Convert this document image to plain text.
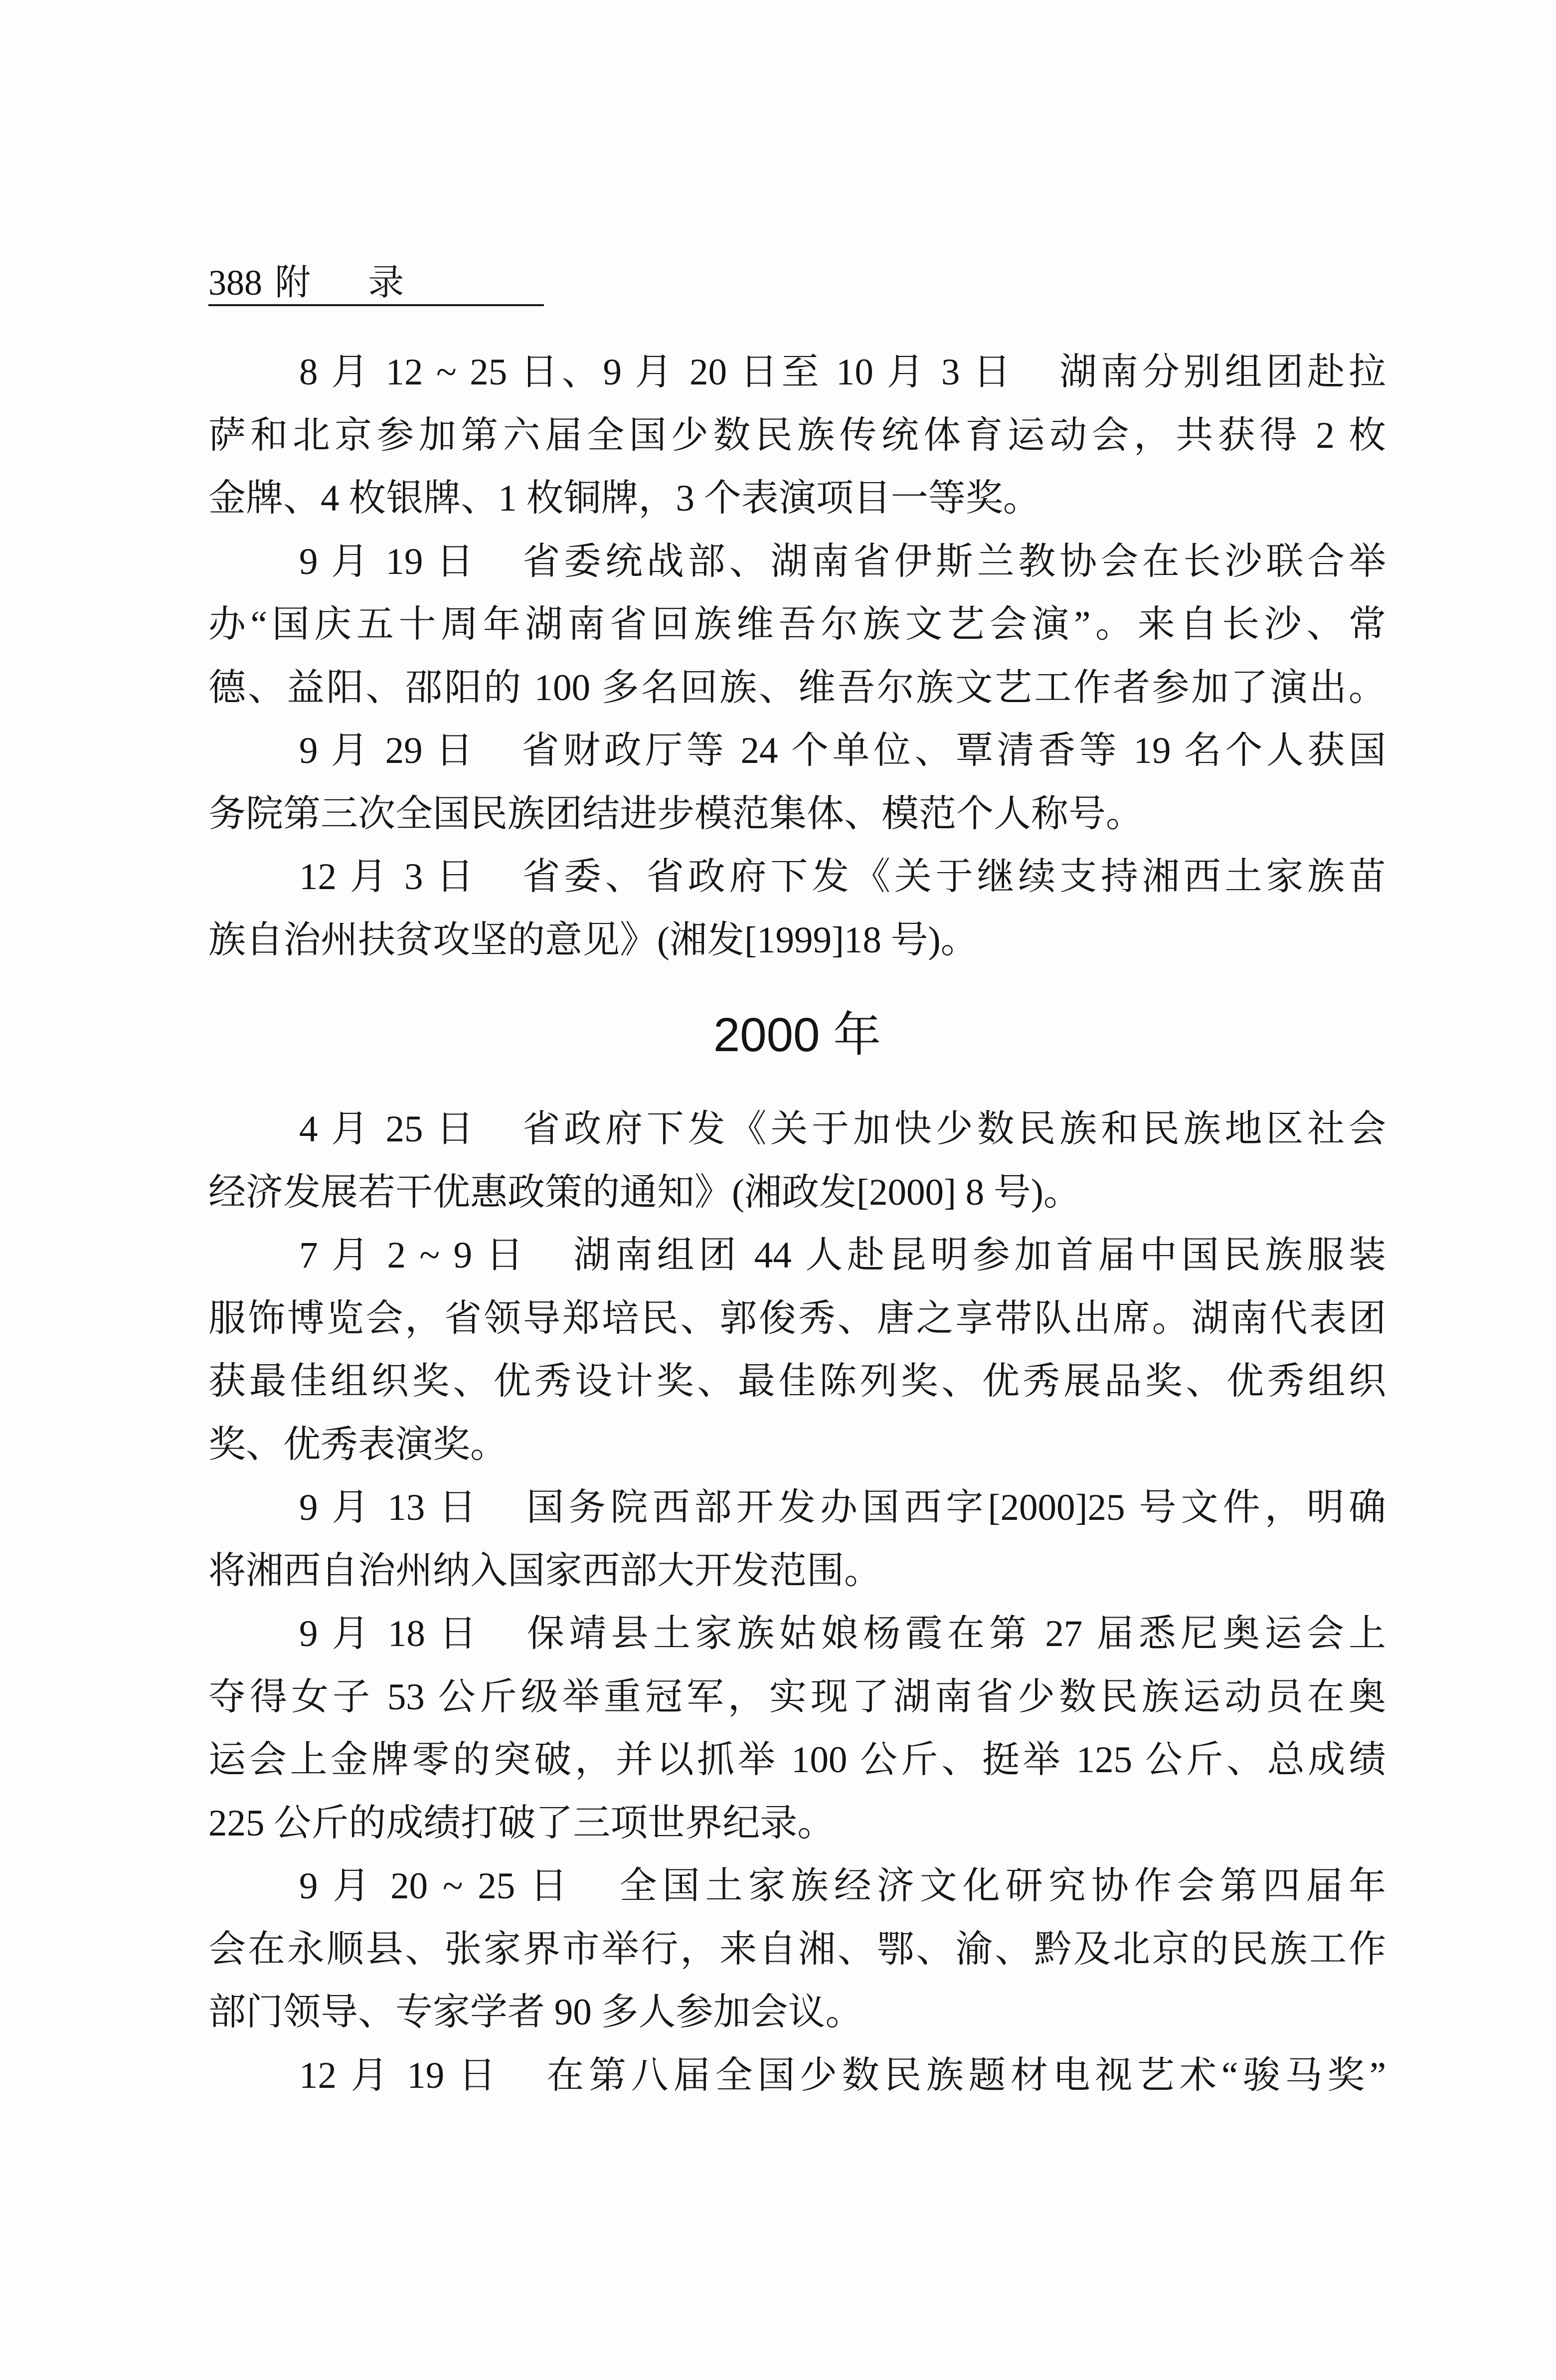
388 附　录
8 月 12 ~ 25 日、9 月 20 日至 10 月 3 日 湖南分别组团赴拉
萨和北京参加第六届全国少数民族传统体育运动会，共获得 2 枚
金牌、4 枚银牌、1 枚铜牌，3 个表演项目一等奖。
9 月 19 日 省委统战部、湖南省伊斯兰教协会在长沙联合举
办“国庆五十周年湖南省回族维吾尔族文艺会演”。来自长沙、常
德、益阳、邵阳的 100 多名回族、维吾尔族文艺工作者参加了演出。
9 月 29 日 省财政厅等 24 个单位、覃清香等 19 名个人获国
务院第三次全国民族团结进步模范集体、模范个人称号。
12 月 3 日 省委、省政府下发《关于继续支持湘西土家族苗
族自治州扶贫攻坚的意见》(湘发[1999]18 号)。
2000 年
4 月 25 日 省政府下发《关于加快少数民族和民族地区社会
经济发展若干优惠政策的通知》(湘政发[2000] 8 号)。
7 月 2 ~ 9 日 湖南组团 44 人赴昆明参加首届中国民族服装
服饰博览会，省领导郑培民、郭俊秀、唐之享带队出席。湖南代表团
获最佳组织奖、优秀设计奖、最佳陈列奖、优秀展品奖、优秀组织
奖、优秀表演奖。
9 月 13 日 国务院西部开发办国西字[2000]25 号文件，明确
将湘西自治州纳入国家西部大开发范围。
9 月 18 日 保靖县土家族姑娘杨霞在第 27 届悉尼奥运会上
夺得女子 53 公斤级举重冠军，实现了湖南省少数民族运动员在奥
运会上金牌零的突破，并以抓举 100 公斤、挺举 125 公斤、总成绩
225 公斤的成绩打破了三项世界纪录。
9 月 20 ~ 25 日 全国土家族经济文化研究协作会第四届年
会在永顺县、张家界市举行，来自湘、鄂、渝、黔及北京的民族工作
部门领导、专家学者 90 多人参加会议。
12 月 19 日 在第八届全国少数民族题材电视艺术“骏马奖”
